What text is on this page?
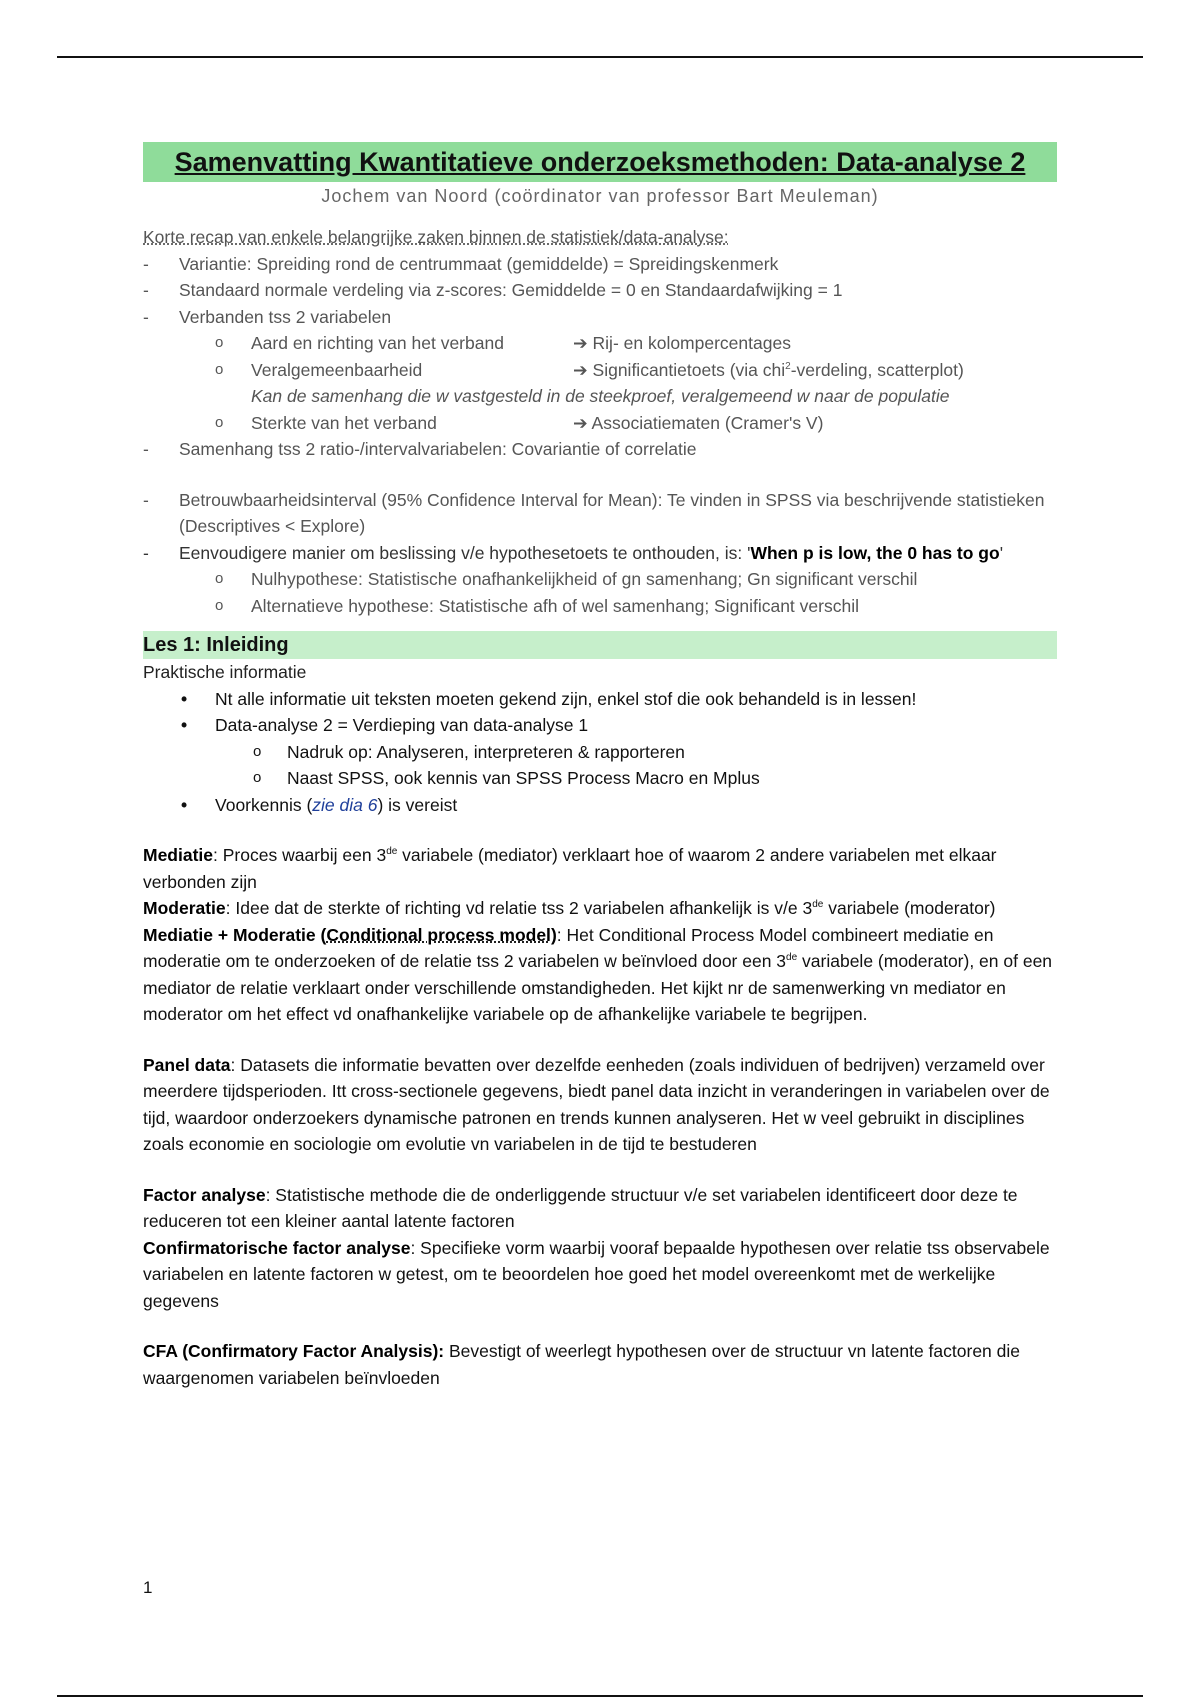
Samenvatting Kwantitatieve onderzoeksmethoden: Data-analyse 2
Jochem van Noord (coördinator van professor Bart Meuleman)
Korte recap van enkele belangrijke zaken binnen de statistiek/data-analyse:
-	Variantie: Spreiding rond de centrummaat (gemiddelde) = Spreidingskenmerk
-	Standaard normale verdeling via z-scores: Gemiddelde = 0 en Standaardafwijking = 1
-	Verbanden tss 2 variabelen
o Aard en richting van het verband	➔ Rij- en kolompercentages
o Veralgemeenbaarheid	➔ Significantietoets (via chi$^2$-verdeling, scatterplot)
Kan de samenhang die w vastgesteld in de steekproef, veralgemeend w naar de populatie
o Sterkte van het verband	➔ Associatiematen (Cramer's V)
-	Samenhang tss 2 ratio-/intervalvariabelen: Covariantie of correlatie
-	Betrouwbaarheidsinterval (95% Confidence Interval for Mean): Te vinden in SPSS via beschrijvende statistieken (Descriptives < Explore)
-	Eenvoudigere manier om beslissing v/e hypothesetoets te onthouden, is: 'When p is low, the 0 has to go'
o Nulhypothese: Statistische onafhankelijkheid of gn samenhang; Gn significant verschil
o Alternatieve hypothese: Statistische afh of wel samenhang; Significant verschil
Les 1: Inleiding
Praktische informatie
• Nt alle informatie uit teksten moeten gekend zijn, enkel stof die ook behandeld is in lessen!
• Data-analyse 2 = Verdieping van data-analyse 1
o Nadruk op: Analyseren, interpreteren & rapporteren
o Naast SPSS, ook kennis van SPSS Process Macro en Mplus
• Voorkennis (zie dia 6) is vereist
Mediatie: Proces waarbij een 3de variabele (mediator) verklaart hoe of waarom 2 andere variabelen met elkaar verbonden zijn
Moderatie: Idee dat de sterkte of richting vd relatie tss 2 variabelen afhankelijk is v/e 3de variabele (moderator)
Mediatie + Moderatie (Conditional process model): Het Conditional Process Model combineert mediatie en moderatie om te onderzoeken of de relatie tss 2 variabelen w beïnvloed door een 3de variabele (moderator), en of een mediator de relatie verklaart onder verschillende omstandigheden. Het kijkt nr de samenwerking vn mediator en moderator om het effect vd onafhankelijke variabele op de afhankelijke variabele te begrijpen.
Panel data: Datasets die informatie bevatten over dezelfde eenheden (zoals individuen of bedrijven) verzameld over meerdere tijdsperioden. Itt cross-sectionele gegevens, biedt panel data inzicht in veranderingen in variabelen over de tijd, waardoor onderzoekers dynamische patronen en trends kunnen analyseren. Het w veel gebruikt in disciplines zoals economie en sociologie om evolutie vn variabelen in de tijd te bestuderen
Factor analyse: Statistische methode die de onderliggende structuur v/e set variabelen identificeert door deze te reduceren tot een kleiner aantal latente factoren
Confirmatorische factor analyse: Specifieke vorm waarbij vooraf bepaalde hypothesen over relatie tss observabele variabelen en latente factoren w getest, om te beoordelen hoe goed het model overeenkomt met de werkelijke gegevens
CFA (Confirmatory Factor Analysis): Bevestigt of weerlegt hypothesen over de structuur vn latente factoren die waargenomen variabelen beïnvloeden
1
